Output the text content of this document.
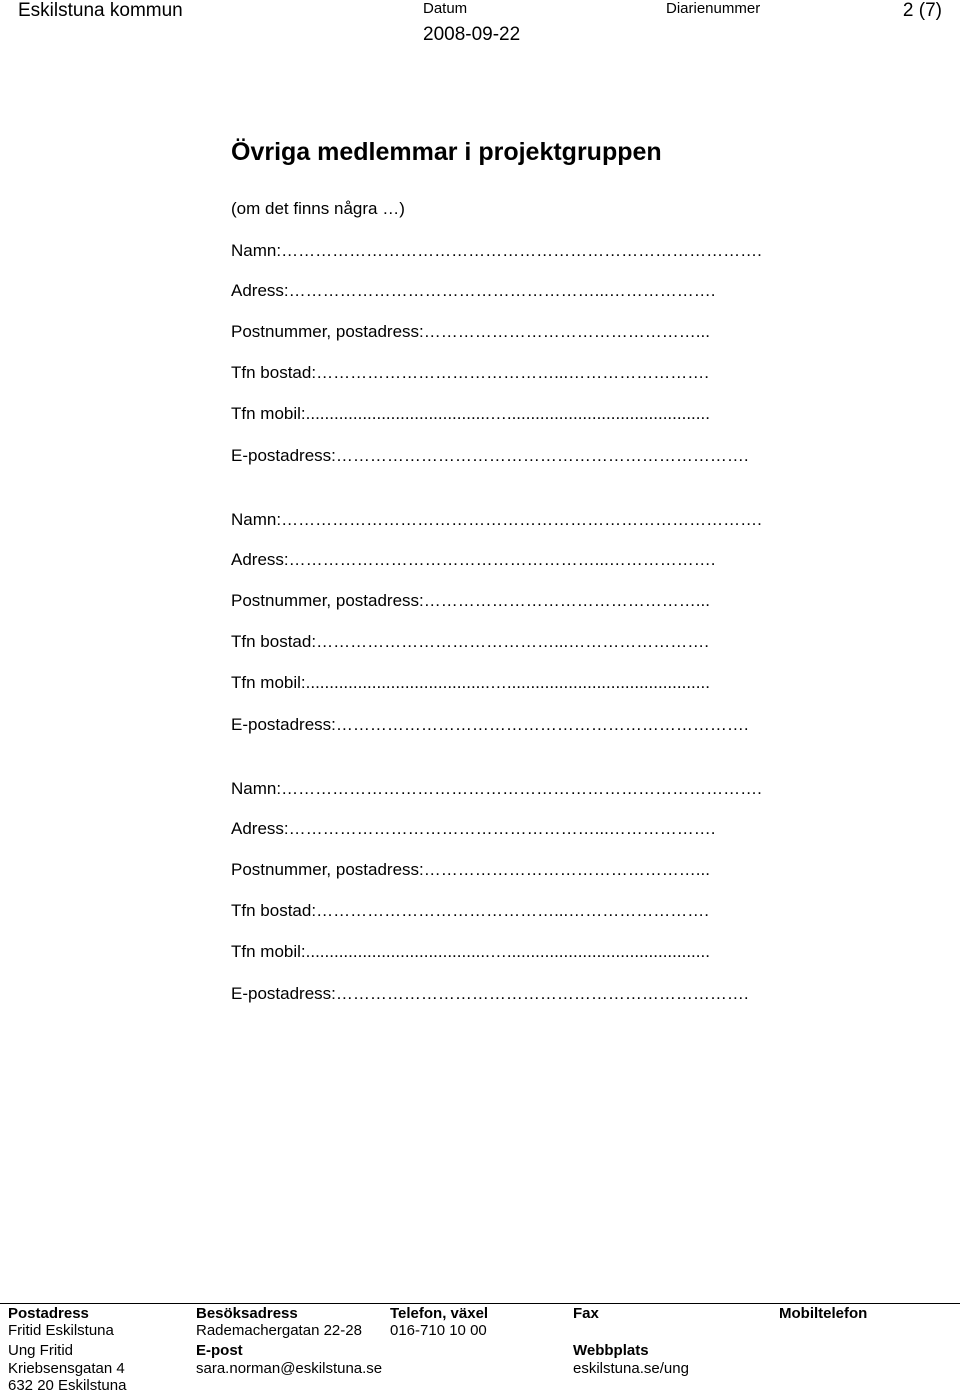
Eskilstuna kommun	Datum
2008-09-22
Diarienummer	2 (7)
Övriga medlemmar i projektgruppen
(om det finns några …)
Namn:………………………………………………………………………….
Adress:………………………………………………...……………….
Postnummer, postadress:…………………………………………...
Tfn bostad:……………………………………...…………………….
Tfn mobil:.......................................…...........................................
E-postadress:……………………………………………………………….
Namn:………………………………………………………………………….
Adress:………………………………………………...……………….
Postnummer, postadress:…………………………………………...
Tfn bostad:……………………………………...…………………….
Tfn mobil:.......................................…...........................................
E-postadress:……………………………………………………………….
Namn:………………………………………………………………………….
Adress:………………………………………………...……………….
Postnummer, postadress:…………………………………………...
Tfn bostad:……………………………………...…………………….
Tfn mobil:.......................................…...........................................
E-postadress:……………………………………………………………….
Postadress
Fritid Eskilstuna
Ung Fritid
Kriebsensgatan 4
632 20 Eskilstuna
Besöksadress
Rademachergatan 22-28
E-post
sara.norman@eskilstuna.se
Telefon, växel
016-710 10 00
Fax
Webbplats
eskilstuna.se/ung
Mobiltelefon
